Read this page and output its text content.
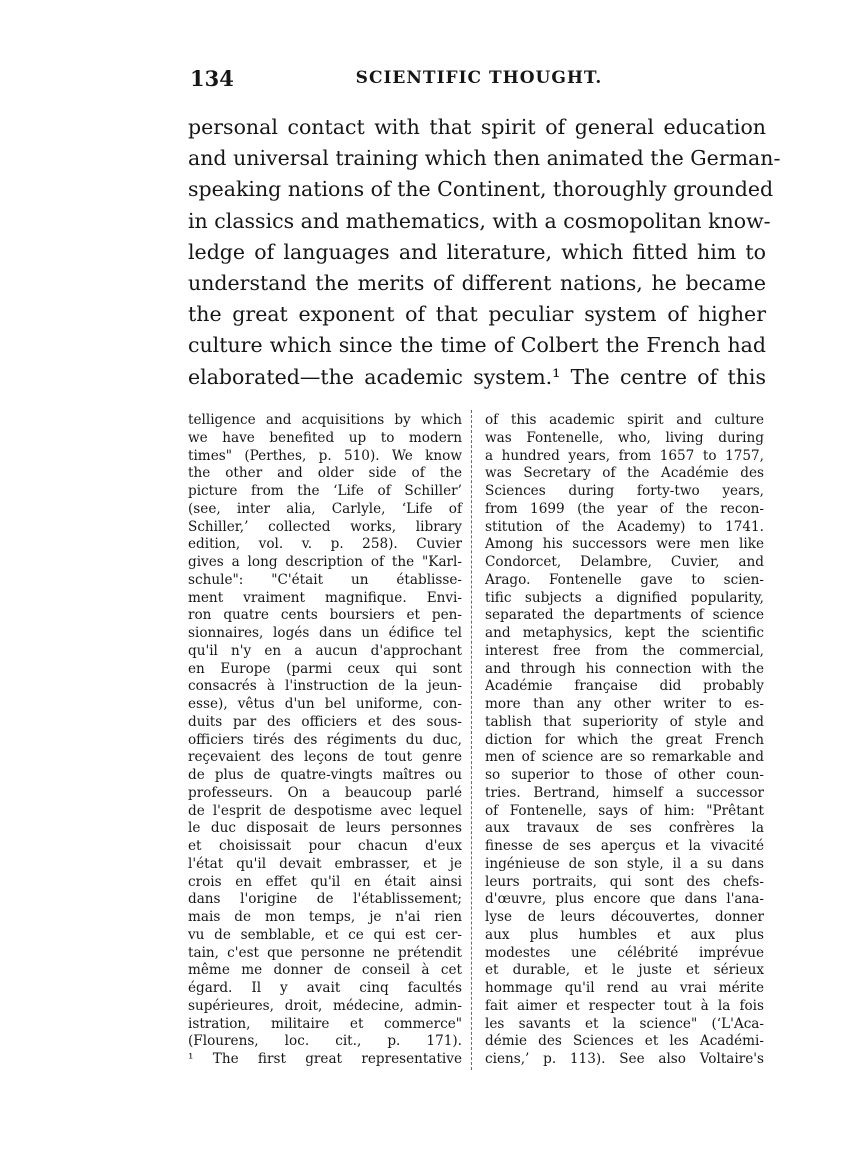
134	SCIENTIFIC THOUGHT.
personal contact with that spirit of general education
and universal training which then animated the German-
speaking nations of the Continent, thoroughly grounded
in classics and mathematics, with a cosmopolitan know-
ledge of languages and literature, which fitted him to
understand the merits of different nations, he became
the great exponent of that peculiar system of higher
culture which since the time of Colbert the French had
elaborated—the academic system.¹ The centre of this
telligence and acquisitions by which
we have benefited up to modern
times" (Perthes, p. 510). We know
the other and older side of the
picture from the ‘Life of Schiller’
(see, inter alia, Carlyle, ‘Life of
Schiller,’ collected works, library
edition, vol. v. p. 258). Cuvier
gives a long description of the "Karl-
schule": "C'était un établisse-
ment vraiment magnifique. Envi-
ron quatre cents boursiers et pen-
sionnaires, logés dans un édifice tel
qu'il n'y en a aucun d'approchant
en Europe (parmi ceux qui sont
consacrés à l'instruction de la jeun-
esse), vêtus d'un bel uniforme, con-
duits par des officiers et des sous-
officiers tirés des régiments du duc,
reçevaient des leçons de tout genre
de plus de quatre-vingts maîtres ou
professeurs. On a beaucoup parlé
de l'esprit de despotisme avec lequel
le duc disposait de leurs personnes
et choisissait pour chacun d'eux
l'état qu'il devait embrasser, et je
crois en effet qu'il en était ainsi
dans l'origine de l'établissement;
mais de mon temps, je n'ai rien
vu de semblable, et ce qui est cer-
tain, c'est que personne ne prétendit
même me donner de conseil à cet
égard. Il y avait cinq facultés
supérieures, droit, médecine, admin-
istration, militaire et commerce"
(Flourens, loc. cit., p. 171).
¹ The first great representative
of this academic spirit and culture
was Fontenelle, who, living during
a hundred years, from 1657 to 1757,
was Secretary of the Académie des
Sciences during forty-two years,
from 1699 (the year of the recon-
stitution of the Academy) to 1741.
Among his successors were men like
Condorcet, Delambre, Cuvier, and
Arago. Fontenelle gave to scien-
tific subjects a dignified popularity,
separated the departments of science
and metaphysics, kept the scientific
interest free from the commercial,
and through his connection with the
Académie française did probably
more than any other writer to es-
tablish that superiority of style and
diction for which the great French
men of science are so remarkable and
so superior to those of other coun-
tries. Bertrand, himself a successor
of Fontenelle, says of him: "Prêtant
aux travaux de ses confrères la
finesse de ses aperçus et la vivacité
ingénieuse de son style, il a su dans
leurs portraits, qui sont des chefs-
d'œuvre, plus encore que dans l'ana-
lyse de leurs découvertes, donner
aux plus humbles et aux plus
modestes une célébrité imprévue
et durable, et le juste et sérieux
hommage qu'il rend au vrai mérite
fait aimer et respecter tout à la fois
les savants et la science" (‘L'Aca-
démie des Sciences et les Académi-
ciens,’ p. 113). See also Voltaire's
